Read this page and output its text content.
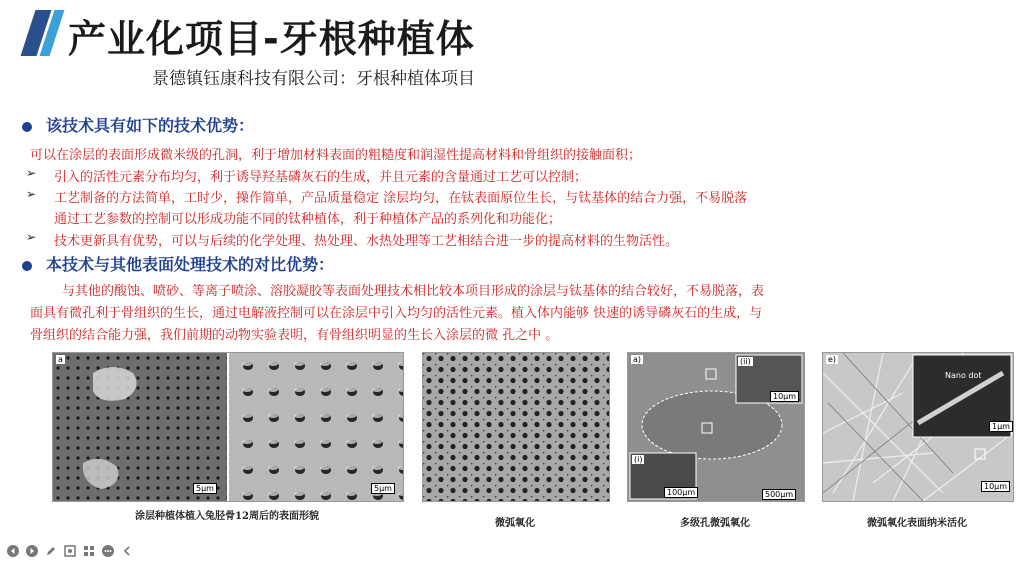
产业化项目-牙根种植体
景德镇钰康科技有限公司：牙根种植体项目
该技术具有如下的技术优势：
可以在涂层的表面形成微米级的孔洞，利于增加材料表面的粗糙度和润湿性提高材料和骨组织的接触面积；
➢ 引入的活性元素分布均匀，利于诱导羟基磷灰石的生成，并且元素的含量通过工艺可以控制；
➢ 工艺制备的方法简单，工时少，操作简单，产品质量稳定 涂层均匀，在钛表面原位生长，与钛基体的结合力强，不易脱落
通过工艺参数的控制可以形成功能不同的钛种植体，利于种植体产品的系列化和功能化；
➢ 技术更新具有优势，可以与后续的化学处理、热处理、水热处理等工艺相结合进一步的提高材料的生物活性。
本技术与其他表面处理技术的对比优势：
与其他的酸蚀、喷砂、等离子喷涂、溶胶凝胶等表面处理技术相比较本项目形成的涂层与钛基体的结合较好，不易脱落，表
面具有微孔利于骨组织的生长，通过电解液控制可以在涂层中引入均匀的活性元素。植入体内能够 快速的诱导磷灰石的生成，与
骨组织的结合能力强，我们前期的动物实验表明，有骨组织明显的生长入涂层的微 孔之中 。
a
5μm	5μm
涂层种植体植入兔胫骨12周后的表面形貌
微弧氧化
a)	(ii)
(i)
10μm
100μm	500μm
多级孔微弧氧化
e)
Nano dot
1μm
10μm
微弧氧化表面纳米活化
